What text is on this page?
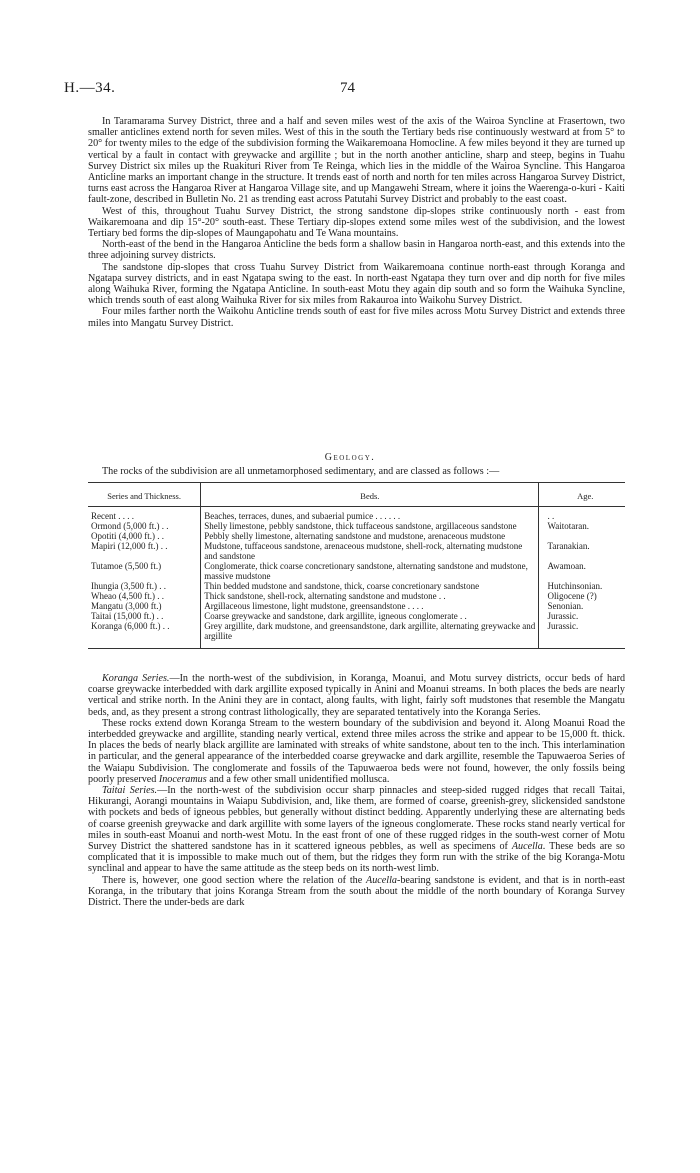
H.—34.	74

In Taramarama Survey District, three and a half and seven miles west of the axis of the Wairoa Syncline at Frasertown, two smaller anticlines extend north for seven miles. West of this in the south the Tertiary beds rise continuously westward at from 5° to 20° for twenty miles to the edge of the subdivision forming the Waikaremoana Homocline. A few miles beyond it they are turned up vertical by a fault in contact with greywacke and argillite ; but in the north another anticline, sharp and steep, begins in Tuahu Survey District six miles up the Ruakituri River from Te Reinga, which lies in the middle of the Wairoa Syncline. This Hangaroa Anticline marks an important change in the structure. It trends east of north and north for ten miles across Hangaroa Survey District, turns east across the Hangaroa River at Hangaroa Village site, and up Mangawehi Stream, where it joins the Waerenga-o-kuri - Kaiti fault-zone, described in Bulletin No. 21 as trending east across Patutahi Survey District and probably to the east coast.

West of this, throughout Tuahu Survey District, the strong sandstone dip-slopes strike continuously north - east from Waikaremoana and dip 15°-20° south-east. These Tertiary dip-slopes extend some miles west of the subdivision, and the lowest Tertiary bed forms the dip-slopes of Maungapohatu and Te Wana mountains.

North-east of the bend in the Hangaroa Anticline the beds form a shallow basin in Hangaroa north-east, and this extends into the three adjoining survey districts.

The sandstone dip-slopes that cross Tuahu Survey District from Waikaremoana continue north-east through Koranga and Ngatapa survey districts, and in east Ngatapa swing to the east. In north-east Ngatapa they turn over and dip north for five miles along Waihuka River, forming the Ngatapa Anticline. In south-east Motu they again dip south and so form the Waihuka Syncline, which trends south of east along Waihuka River for six miles from Rakauroa into Waikohu Survey District.

Four miles farther north the Waikohu Anticline trends south of east for five miles across Motu Survey District and extends three miles into Mangatu Survey District.

Geology.
The rocks of the subdivision are all unmetamorphosed sedimentary, and are classed as follows :—
Series and Thickness.	Beds.	Age.
Recent . . . .	Beaches, terraces, dunes, and subaerial pumice . . . . . .	. .
Ormond (5,000 ft.) . .	Shelly limestone, pebbly sandstone, thick tuffaceous sandstone, argillaceous sandstone	Waitotaran.
Opotiti (4,000 ft.) . .	Pebbly shelly limestone, alternating sandstone and mudstone, arenaceous mudstone	
Mapiri (12,000 ft.) . .	Mudstone, tuffaceous sandstone, arenaceous mudstone, shell-rock, alternating mudstone and sandstone	Taranakian.
Tutamoe (5,500 ft.)	Conglomerate, thick coarse concretionary sandstone, alternating sandstone and mudstone, massive mudstone	Awamoan.
Ihungia (3,500 ft.) . .	Thin bedded mudstone and sandstone, thick, coarse concretionary sandstone	Hutchinsonian.
Wheao (4,500 ft.) . .	Thick sandstone, shell-rock, alternating sandstone and mudstone . .	Oligocene (?)
Mangatu (3,000 ft.)	Argillaceous limestone, light mudstone, greensandstone . . . .	Senonian.
Taitai (15,000 ft.) . .	Coarse greywacke and sandstone, dark argillite, igneous conglomerate . .	Jurassic.
Koranga (6,000 ft.) . .	Grey argillite, dark mudstone, and greensandstone, dark argillite, alternating greywacke and argillite	Jurassic.

Koranga Series.—In the north-west of the subdivision, in Koranga, Moanui, and Motu survey districts, occur beds of hard coarse greywacke interbedded with dark argillite exposed typically in Anini and Moanui streams. In both places the beds are nearly vertical and strike north. In the Anini they are in contact, along faults, with light, fairly soft mudstones that resemble the Mangatu beds, and, as they present a strong contrast lithologically, they are separated tentatively into the Koranga Series.

These rocks extend down Koranga Stream to the western boundary of the subdivision and beyond it. Along Moanui Road the interbedded greywacke and argillite, standing nearly vertical, extend three miles across the strike and appear to be 15,000 ft. thick. In places the beds of nearly black argillite are laminated with streaks of white sandstone, about ten to the inch. This interlamination in particular, and the general appearance of the interbedded coarse greywacke and dark argillite, resemble the Tapuwaeroa Series of the Waiapu Subdivision. The conglomerate and fossils of the Tapuwaeroa beds were not found, however, the only fossils being poorly preserved Inoceramus and a few other small unidentified mollusca.

Taitai Series.—In the north-west of the subdivision occur sharp pinnacles and steep-sided rugged ridges that recall Taitai, Hikurangi, Aorangi mountains in Waiapu Subdivision, and, like them, are formed of coarse, greenish-grey, slickensided sandstone with pockets and beds of igneous pebbles, but generally without distinct bedding. Apparently underlying these are alternating beds of coarse greenish greywacke and dark argillite with some layers of the igneous conglomerate. These rocks stand nearly vertical for miles in south-east Moanui and north-west Motu. In the east front of one of these rugged ridges in the south-west corner of Motu Survey District the shattered sandstone has in it scattered igneous pebbles, as well as specimens of Aucella. These beds are so complicated that it is impossible to make much out of them, but the ridges they form run with the strike of the big Koranga-Motu synclinal and appear to have the same attitude as the steep beds on its north-west limb.

There is, however, one good section where the relation of the Aucella-bearing sandstone is evident, and that is in north-east Koranga, in the tributary that joins Koranga Stream from the south about the middle of the north boundary of Koranga Survey District. There the under-beds are dark
